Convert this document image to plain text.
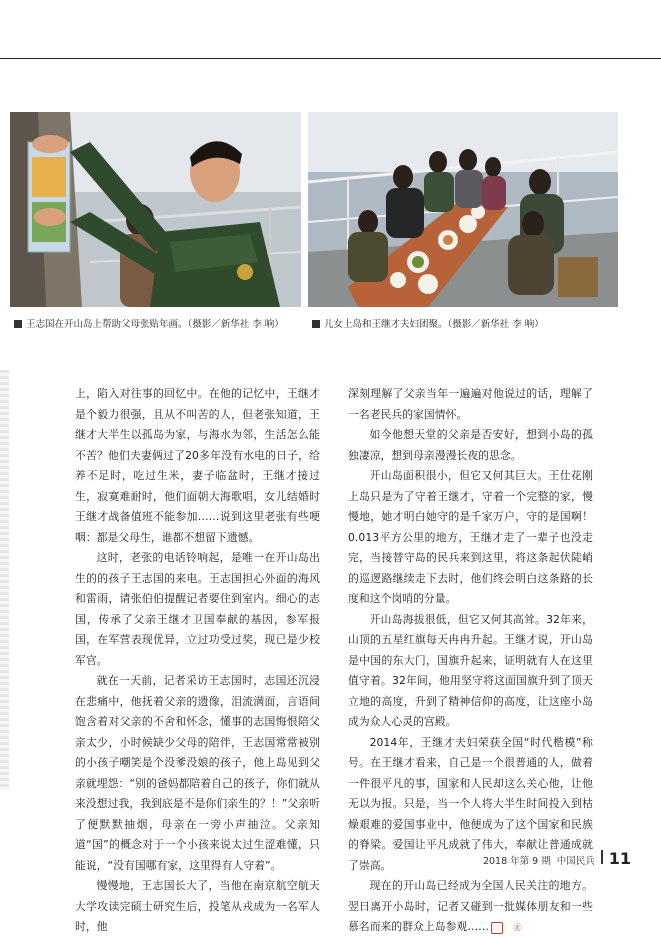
王志国在开山岛上帮助父母张贴年画。（摄影／新华社 李 响）	儿女上岛和王继才夫妇团聚。（摄影／新华社 李 响）

上，陷入对往事的回忆中。在他的记忆中，王继才是个毅力很强，且从不叫苦的人，但老张知道，王继才大半生以孤岛为家，与海水为邻，生活怎么能不苦？他们夫妻俩过了20多年没有水电的日子，给养不足时，吃过生米，妻子临盆时，王继才接过生，寂寞难耐时，他们面朝大海歌唱，女儿结婚时王继才战备值班不能参加……说到这里老张有些哽咽：都是父母生，谁都不想留下遗憾。

这时，老张的电话铃响起，是唯一在开山岛出生的的孩子王志国的来电。王志国担心外面的海风和雷雨，请张伯伯提醒记者要住到室内。细心的志国，传承了父亲王继才卫国奉献的基因，参军报国，在军营表现优异，立过功受过奖，现已是少校军官。

就在一天前，记者采访王志国时，志国还沉浸在悲痛中，他抚着父亲的遗像，泪流满面，言语间饱含着对父亲的不舍和怀念，懂事的志国悔恨陪父亲太少，小时候缺少父母的陪伴，王志国常常被别的小孩子嘲笑是个没爹没娘的孩子，他上岛见到父亲就埋怨：“别的爸妈都陪着自己的孩子，你们就从来没想过我，我到底是不是你们亲生的？！”父亲听了便默默抽烟，母亲在一旁小声抽泣。父亲知道“国”的概念对于一个小孩来说太过生涩难懂，只能说，“没有国哪有家，这里得有人守着”。

慢慢地，王志国长大了，当他在南京航空航天大学攻读完硕士研究生后，投笔从戎成为一名军人时，他

深刻理解了父亲当年一遍遍对他说过的话，理解了一名老民兵的家国情怀。

如今他想天堂的父亲是否安好，想到小岛的孤独凄凉，想到母亲漫漫长夜的思念。

开山岛面积很小，但它又何其巨大。王仕花刚上岛只是为了守着王继才，守着一个完整的家，慢慢地，她才明白她守的是千家万户，守的是国啊！0.013平方公里的地方，王继才走了一辈子也没走完，当接替守岛的民兵来到这里，将这条起伏陡峭的巡逻路继续走下去时，他们终会明白这条路的长度和这个岗哨的分量。

开山岛海拔很低，但它又何其高耸。32年来，山顶的五星红旗每天冉冉升起。王继才说，开山岛是中国的东大门，国旗升起来，证明就有人在这里值守着。32年间，他用坚守将这面国旗升到了顶天立地的高度，升到了精神信仰的高度，让这座小岛成为众人心灵的宫殿。

2014年，王继才夫妇荣获全国“时代楷模”称号。在王继才看来，自己是一个很普通的人，做着一件很平凡的事，国家和人民却这么关心他，让他无以为报。只是，当一个人将大半生时间投入到枯燥艰难的爱国事业中，他便成为了这个国家和民族的脊梁。爱国让平凡成就了伟大，奉献让普通成就了崇高。

现在的开山岛已经成为全国人民关注的地方。翌日离开小岛时，记者又碰到一批媒体朋友和一些慕名而来的群众上岛参观……	㊣

2018 年第 9 期 中国民兵 11
